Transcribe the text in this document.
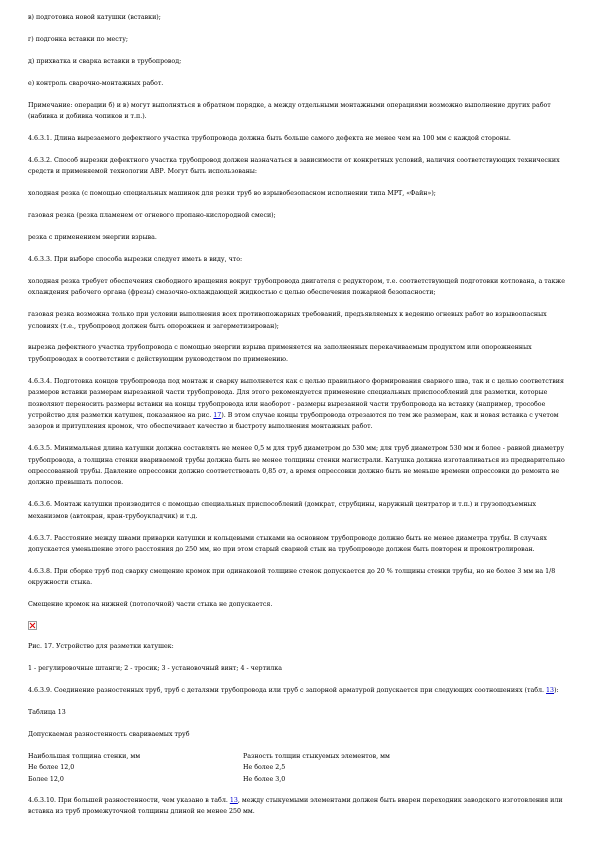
в) подготовка новой катушки (вставки);

г) подгонка вставки по месту;

д) прихватка и сварка вставки в трубопровод;

е) контроль сварочно-монтажных работ.

Примечание: операции б) и в) могут выполняться в обратном порядке, а между отдельными монтажными операциями возможно выполнение других работ (набивка и добивка чопиков и т.п.).

4.6.3.1. Длина вырезаемого дефектного участка трубопровода должна быть больше самого дефекта не менее чем на 100 мм с каждой стороны.

4.6.3.2. Способ вырезки дефектного участка трубопровод должен назначаться в зависимости от конкретных условий, наличия соответствующих технических средств и применяемой технологии АВР. Могут быть использованы:

холодная резка (с помощью специальных машинок для резки труб во взрывобезопасном исполнении типа МРТ, «Файн»);

газовая резка (резка пламенем от огневого пропано-кислородной смеси);

резка с применением энергии взрыва.

4.6.3.3. При выборе способа вырезки следует иметь в виду, что:

холодная резка требует обеспечения свободного вращения вокруг трубопровода двигателя с редуктором, т.е. соответствующей подготовки котлована, а также охлаждения рабочего органа (фрезы) смазочно-охлаждающей жидкостью с целью обеспечения пожарной безопасности;

газовая резка возможна только при условии выполнения всех противопожарных требований, предъявляемых к ведению огневых работ во взрывоопасных условиях (т.е., трубопровод должен быть опорожнен и загерметизирован);

вырезка дефектного участка трубопровода с помощью энергии взрыва применяется на заполненных перекачиваемым продуктом или опорожненных трубопроводах в соответствии с действующим руководством по применению.

4.6.3.4. Подготовка концов трубопровода под монтаж и сварку выполняется как с целью правильного формирования сварного шва, так и с целью соответствия размеров вставки размерам вырезанной части трубопровода. Для этого рекомендуется применение специальных приспособлений для разметки, которые позволяют переносить размеры вставки на концы трубопровода или наоборот - размеры вырезанной части трубопровода на вставку (например, трособое устройство для разметки катушек, показанное на рис. 17). В этом случае концы трубопровода отрезаются по тем же размерам, как и новая вставка с учетом зазоров и притупления кромок, что обеспечивает качество и быстроту выполнения монтажных работ.

4.6.3.5. Минимальная длина катушки должна составлять не менее 0,5 м для труб диаметром до 530 мм; для труб диаметром 530 мм и более - равной диаметру трубопровода, а толщина стенки ввариваемой трубы должна быть не менее толщины стенки магистрали. Катушка должна изготавливаться из предварительно опрессованной трубы. Давление опрессовки должно соответствовать 0,85 σт, а время опрессовки должно быть не меньше времени опрессовки до ремонта не должно превышать полосов.

4.6.3.6. Монтаж катушки производится с помощью специальных приспособлений (домкрат, струбцины, наружный центратор и т.п.) и грузоподъемных механизмов (автокран, кран-трубоукладчик) и т.д.

4.6.3.7. Расстояние между швами приварки катушки и кольцевыми стыками на основном трубопроводе должно быть не менее диаметра трубы. В случаях допускается уменьшение этого расстояния до 250 мм, но при этом старый сварной стык на трубопроводе должен быть повторен и проконтролирован.

4.6.3.8. При сборке труб под сварку смещение кромок при одинаковой толщине стенок допускается до 20 % толщины стенки трубы, но не более 3 мм на 1/8 окружности стыка.

Смещение кромок на нижней (потолочной) части стыка не допускается.

Рис. 17. Устройство для разметки катушек:

1 - регулировочные штанги; 2 - тросик; 3 - установочный винт; 4 - чертилка

4.6.3.9. Соединение разностенных труб, труб с деталями трубопровода или труб с запорной арматурой допускается при следующих соотношениях (табл. 13):

Таблица 13

Допускаемая разностенность свариваемых труб

Наибольшая толщина стенки, мм	Разность толщин стыкуемых элементов, мм
Не более 12,0	Не более 2,5
Более 12,0	Не более 3,0

4.6.3.10. При большей разностенности, чем указано в табл. 13, между стыкуемыми элементами должен быть вварен переходник заводского изготовления или вставка из труб промежуточной толщины длиной не менее 250 мм.
